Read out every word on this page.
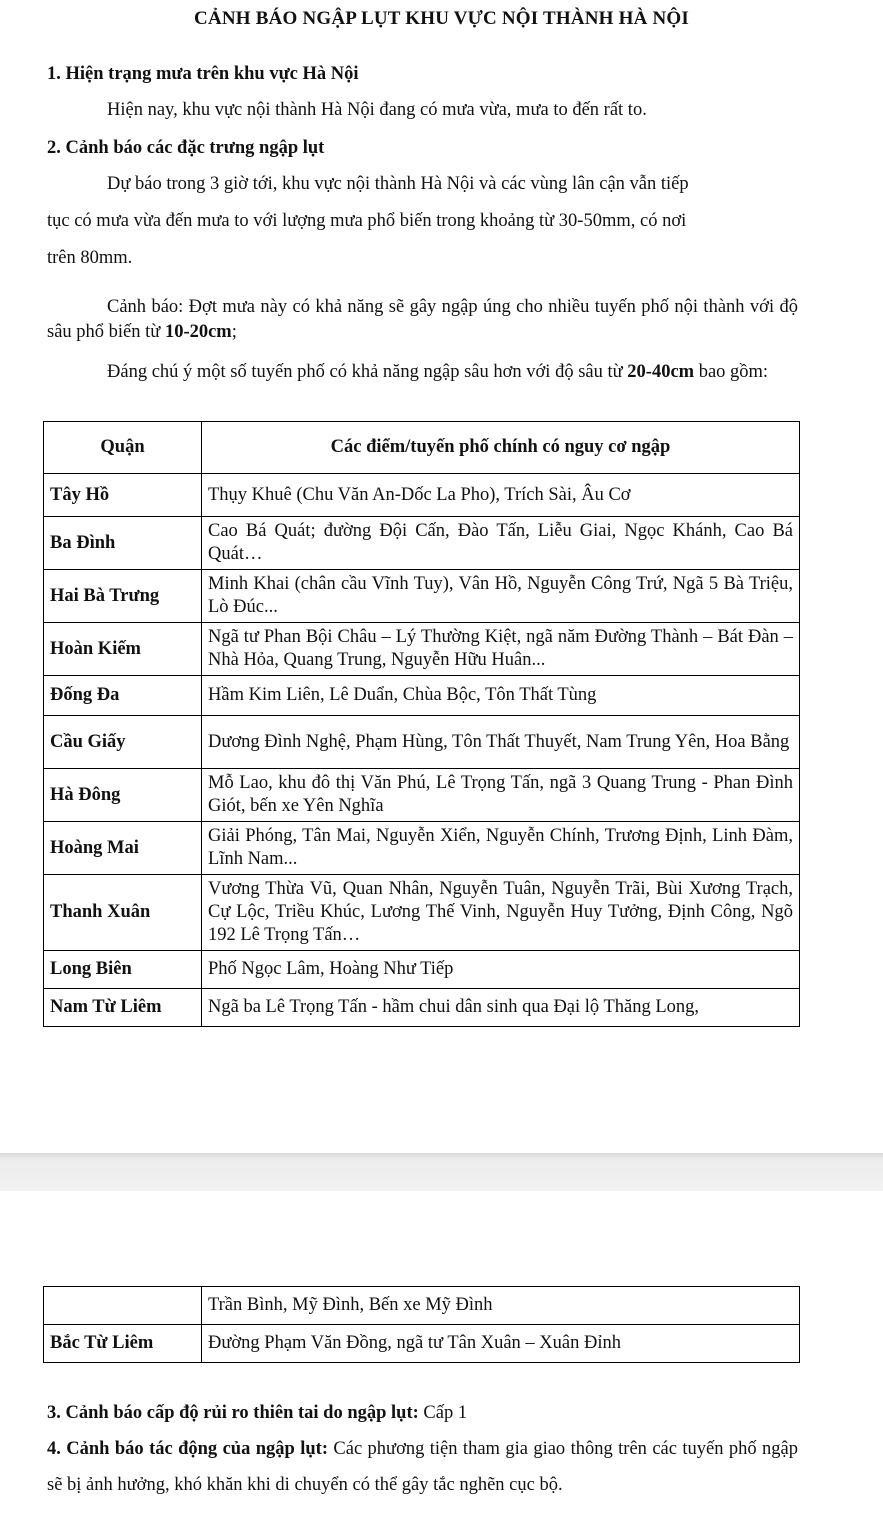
CẢNH BÁO NGẬP LỤT KHU VỰC NỘI THÀNH HÀ NỘI
1. Hiện trạng mưa trên khu vực Hà Nội
Hiện nay, khu vực nội thành Hà Nội đang có mưa vừa, mưa to đến rất to.
2. Cảnh báo các đặc trưng ngập lụt
Dự báo trong 3 giờ tới, khu vực nội thành Hà Nội và các vùng lân cận vẫn tiếp
tục có mưa vừa đến mưa to với lượng mưa phổ biến trong khoảng từ 30-50mm, có nơi
trên 80mm.
Cảnh báo: Đợt mưa này có khả năng sẽ gây ngập úng cho nhiều tuyến phố nội thành với độ sâu phổ biến từ 10-20cm;
Đáng chú ý một số tuyến phố có khả năng ngập sâu hơn với độ sâu từ 20-40cm bao gồm:
Quận	Các điểm/tuyến phố chính có nguy cơ ngập
Tây Hồ	Thụy Khuê (Chu Văn An-Dốc La Pho), Trích Sài, Âu Cơ
Ba Đình	Cao Bá Quát; đường Đội Cấn, Đào Tấn, Liễu Giai, Ngọc Khánh, Cao Bá Quát…
Hai Bà Trưng	Minh Khai (chân cầu Vĩnh Tuy), Vân Hồ, Nguyễn Công Trứ, Ngã 5 Bà Triệu, Lò Đúc...
Hoàn Kiếm	Ngã tư Phan Bội Châu – Lý Thường Kiệt, ngã năm Đường Thành – Bát Đàn – Nhà Hỏa, Quang Trung, Nguyễn Hữu Huân...
Đống Đa	Hầm Kim Liên, Lê Duẩn, Chùa Bộc, Tôn Thất Tùng
Cầu Giấy	Dương Đình Nghệ, Phạm Hùng, Tôn Thất Thuyết, Nam Trung Yên, Hoa Bằng
Hà Đông	Mỗ Lao, khu đô thị Văn Phú, Lê Trọng Tấn, ngã 3 Quang Trung - Phan Đình Giót, bến xe Yên Nghĩa
Hoàng Mai	Giải Phóng, Tân Mai, Nguyễn Xiển, Nguyễn Chính, Trương Định, Linh Đàm, Lĩnh Nam...
Thanh Xuân	Vương Thừa Vũ, Quan Nhân, Nguyễn Tuân, Nguyễn Trãi, Bùi Xương Trạch, Cự Lộc, Triều Khúc, Lương Thế Vinh, Nguyễn Huy Tưởng, Định Công, Ngõ 192 Lê Trọng Tấn…
Long Biên	Phố Ngọc Lâm, Hoàng Như Tiếp
Nam Từ Liêm	Ngã ba Lê Trọng Tấn - hầm chui dân sinh qua Đại lộ Thăng Long,
	Trần Bình, Mỹ Đình, Bến xe Mỹ Đình
Bắc Từ Liêm	Đường Phạm Văn Đồng, ngã tư Tân Xuân – Xuân Đỉnh
3. Cảnh báo cấp độ rủi ro thiên tai do ngập lụt: Cấp 1
4. Cảnh báo tác động của ngập lụt: Các phương tiện tham gia giao thông trên các tuyến phố ngập sẽ bị ảnh hưởng, khó khăn khi di chuyển có thể gây tắc nghẽn cục bộ.
